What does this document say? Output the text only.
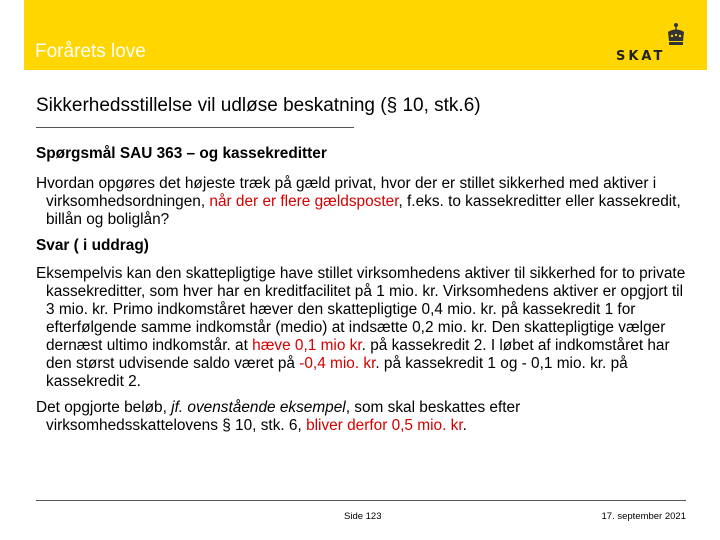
Forårets love	SKAT
Sikkerhedsstillelse vil udløse beskatning (§ 10, stk.6)

Spørgsmål SAU 363 – og kassekreditter

Hvordan opgøres det højeste træk på gæld privat, hvor der er stillet sikkerhed med aktiver i virksomhedsordningen, når der er flere gældsposter, f.eks. to kassekreditter eller kassekredit, billån og boliglån?

Svar ( i uddrag)

Eksempelvis kan den skattepligtige have stillet virksomhedens aktiver til sikkerhed for to private kassekreditter, som hver har en kreditfacilitet på 1 mio. kr. Virksomhedens aktiver er opgjort til 3 mio. kr. Primo indkomståret hæver den skattepligtige 0,4 mio. kr. på kassekredit 1 for efterfølgende samme indkomstår (medio) at indsætte 0,2 mio. kr. Den skattepligtige vælger dernæst ultimo indkomstår. at hæve 0,1 mio kr. på kassekredit 2. I løbet af indkomståret har den størst udvisende saldo været på -0,4 mio. kr. på kassekredit 1 og - 0,1 mio. kr. på kassekredit 2.

Det opgjorte beløb, jf. ovenstående eksempel, som skal beskattes efter virksomhedsskattelovens § 10, stk. 6, bliver derfor 0,5 mio. kr.

Side 123	17. september 2021
